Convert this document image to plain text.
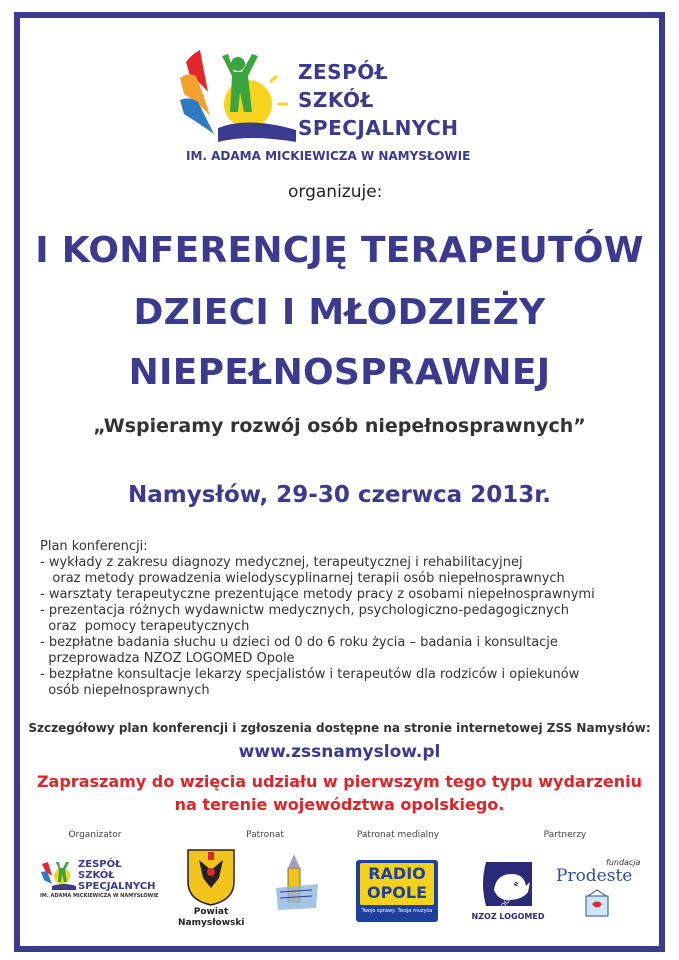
ZESPÓŁ
SZKÓŁ
SPECJALNYCH
IM. ADAMA MICKIEWICZA W NAMYSŁOWIE
organizuje:
I KONFERENCJĘ TERAPEUTÓW
DZIECI I MŁODZIEŻY
NIEPEŁNOSPRAWNEJ
„Wspieramy rozwój osób niepełnosprawnych”
Namysłów, 29-30 czerwca 2013r.
Plan konferencji:
- wykłady z zakresu diagnozy medycznej, terapeutycznej i rehabilitacyjnej
oraz metody prowadzenia wielodyscyplinarnej terapii osób niepełnosprawnych
- warsztaty terapeutyczne prezentujące metody pracy z osobami niepełnosprawnymi
- prezentacja różnych wydawnictw medycznych, psychologiczno-pedagogicznych
oraz  pomocy terapeutycznych
- bezpłatne badania słuchu u dzieci od 0 do 6 roku życia – badania i konsultacje
przeprowadza NZOZ LOGOMED Opole
- bezpłatne konsultacje lekarzy specjalistów i terapeutów dla rodziców i opiekunów
osób niepełnosprawnych
Szczegółowy plan konferencji i zgłoszenia dostępne na stronie internetowej ZSS Namysłów:
www.zssnamyslow.pl
Zapraszamy do wzięcia udziału w pierwszym tego typu wydarzeniu
na terenie województwa opolskiego.
Organizator	Patronat	Patronat medialny	Partnerzy
ZESPÓŁ
SZKÓŁ
SPECJALNYCH
IM. ADAMA MICKIEWICZA W NAMYSŁOWIE
Powiat
Namysłowski
RADIO
OPOLE
Twoje sprawy. Twoja muzyka	LOGOMED
NZOZ LOGOMED
fundacja
Prodeste
